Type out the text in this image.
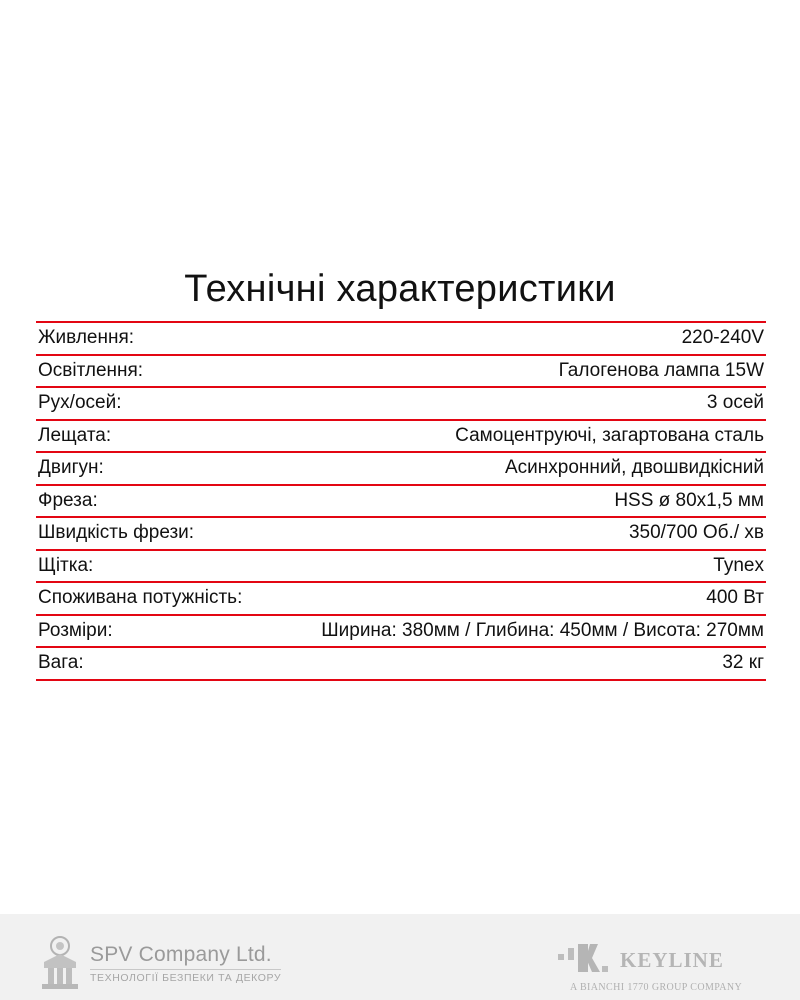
Технічні характеристики
Живлення:	220-240V
Освітлення:	Галогенова лампа 15W
Рух/осей:	3 осей
Лещата:	Самоцентруючі, загартована сталь
Двигун:	Асинхронний, двошвидкісний
Фреза:	HSS ø 80х1,5 мм
Швидкість фрези:	350/700 Об./ хв
Щітка:	Tynex
Споживана потужність:	400 Вт
Розміри:	Ширина: 380мм / Глибина: 450мм / Висота: 270мм
Вага:	32 кг
SPV Company Ltd.
ТЕХНОЛОГІЇ БЕЗПЕКИ ТА ДЕКОРУ
KEYLINE
A BIANCHI 1770 GROUP COMPANY
